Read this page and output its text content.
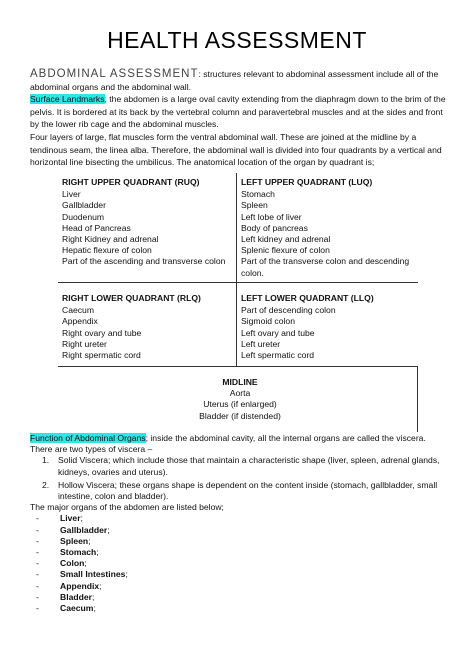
HEALTH ASSESSMENT
ABDOMINAL ASSESSMENT: structures relevant to abdominal assessment include all of the abdominal organs and the abdominal wall.
Surface Landmarks; the abdomen is a large oval cavity extending from the diaphragm down to the brim of the pelvis. It is bordered at its back by the vertebral column and paravertebral muscles and at the sides and front by the lower rib cage and the abdominal muscles.
Four layers of large, flat muscles form the ventral abdominal wall. These are joined at the midline by a tendinous seam, the linea alba. Therefore, the abdominal wall is divided into four quadrants by a vertical and horizontal line bisecting the umbilicus. The anatomical location of the organ by quadrant is;
RIGHT UPPER QUADRANT (RUQ)
Liver
Gallbladder
Duodenum
Head of Pancreas
Right Kidney and adrenal
Hepatic flexure of colon
Part of the ascending and transverse colon
LEFT UPPER QUADRANT (LUQ)
Stomach
Spleen
Left lobe of liver
Body of pancreas
Left kidney and adrenal
Splenic flexure of colon
Part of the transverse colon and descending colon.
RIGHT LOWER QUADRANT (RLQ)
Caecum
Appendix
Right ovary and tube
Right ureter
Right spermatic cord
LEFT LOWER QUADRANT (LLQ)
Part of descending colon
Sigmoid colon
Left ovary and tube
Left ureter
Left spermatic cord
MIDLINE
Aorta
Uterus (if enlarged)
Bladder (if distended)
Function of Abdominal Organs; inside the abdominal cavity, all the internal organs are called the viscera.
There are two types of viscera –
1. Solid Viscera; which include those that maintain a characteristic shape (liver, spleen, adrenal glands, kidneys, ovaries and uterus).
2. Hollow Viscera; these organs shape is dependent on the content inside (stomach, gallbladder, small intestine, colon and bladder).
The major organs of the abdomen are listed below;
- Liver;
- Gallbladder;
- Spleen;
- Stomach;
- Colon;
- Small Intestines;
- Appendix;
- Bladder;
- Caecum;
